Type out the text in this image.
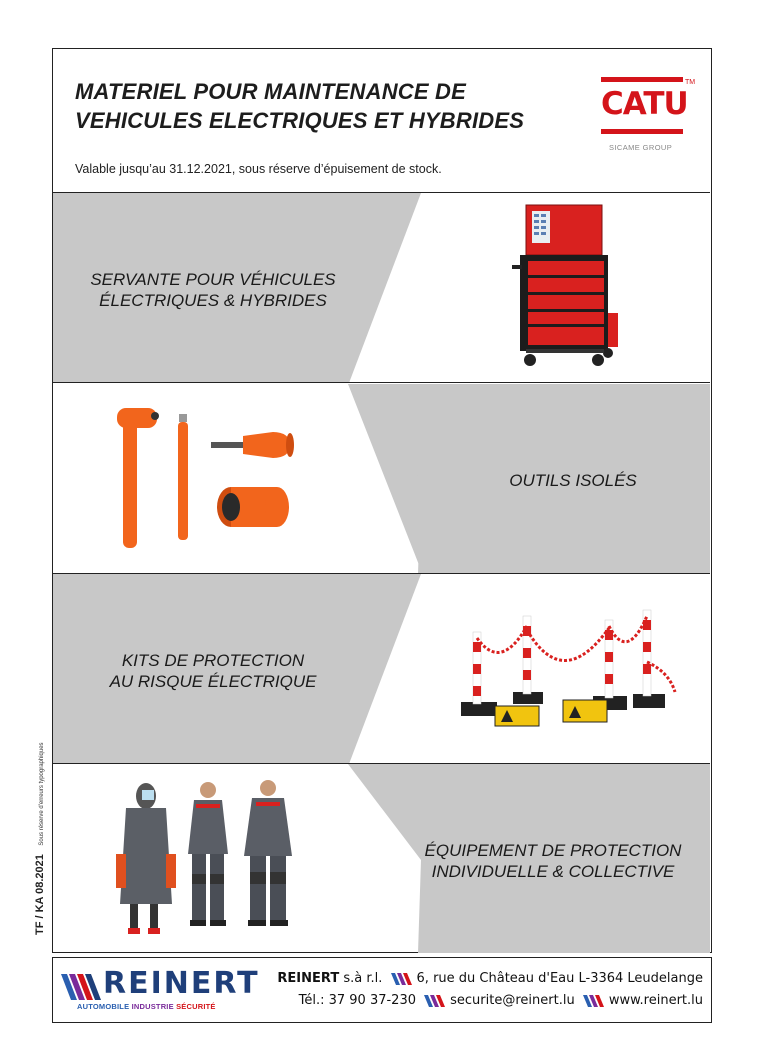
MATERIEL POUR MAINTENANCE DE
VEHICULES ELECTRIQUES ET HYBRIDES
Valable jusqu’au 31.12.2021, sous réserve d’épuisement de stock.
CATU
TM
SICAME GROUP
SERVANTE POUR VÉHICULES
ÉLECTRIQUES & HYBRIDES
OUTILS ISOLÉS
KITS DE PROTECTION
AU RISQUE ÉLECTRIQUE
ÉQUIPEMENT DE PROTECTION
INDIVIDUELLE & COLLECTIVE
TF / KA 08.2021 Sous réserve d'erreurs typographiques
REINERT
AUTOMOBILE INDUSTRIE SÉCURITÉ
REINERT s.à r.l.	6, rue du Château d'Eau L-3364 Leudelange
Tél.: 37 90 37-230	securite@reinert.lu	www.reinert.lu
